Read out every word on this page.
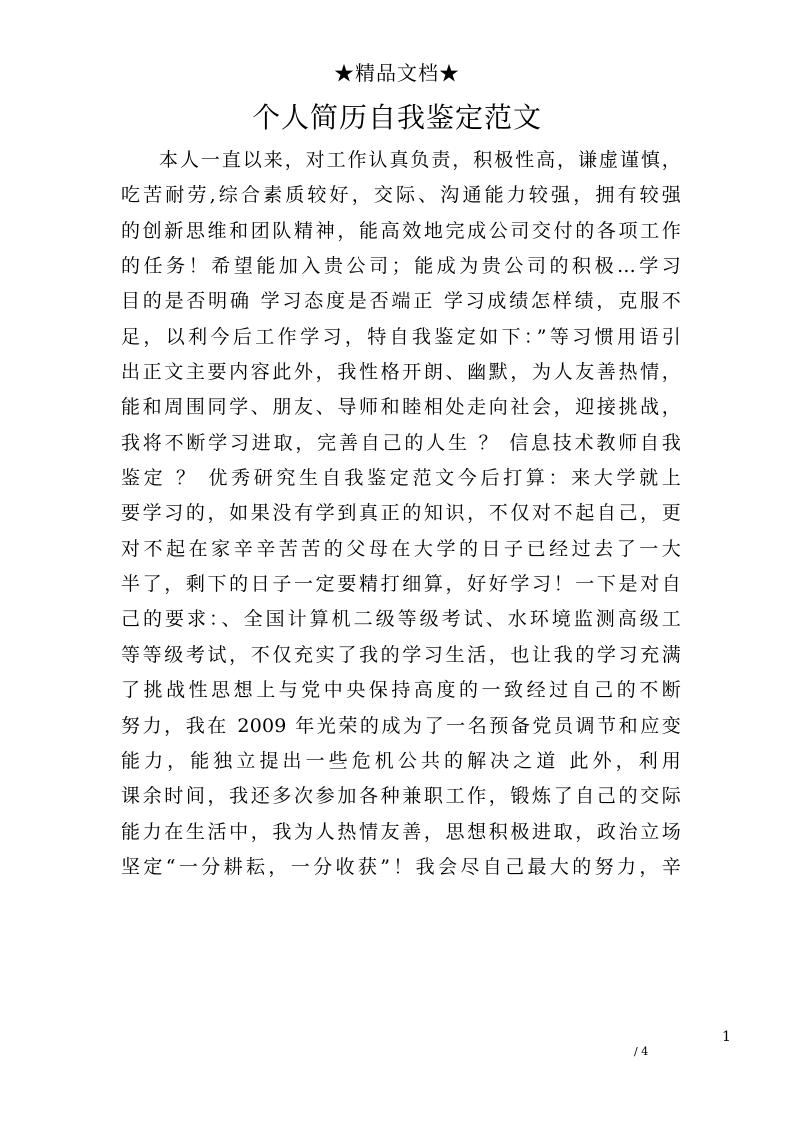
★精品文档★
个人简历自我鉴定范文
本人一直以来，对工作认真负责，积极性高，谦虚谨慎，
吃苦耐劳,综合素质较好，交际、沟通能力较强，拥有较强
的创新思维和团队精神，能高效地完成公司交付的各项工作
的任务！希望能加入贵公司；能成为贵公司的积极...学习
目的是否明确 学习态度是否端正 学习成绩怎样绩，克服不
足，以利今后工作学习，特自我鉴定如下：”等习惯用语引
出正文主要内容此外，我性格开朗、幽默，为人友善热情，
能和周围同学、朋友、导师和睦相处走向社会，迎接挑战，
我将不断学习进取，完善自己的人生 ？ 信息技术教师自我
鉴定 ？ 优秀研究生自我鉴定范文今后打算：来大学就上
要学习的，如果没有学到真正的知识，不仅对不起自己，更
对不起在家辛辛苦苦的父母在大学的日子已经过去了一大
半了，剩下的日子一定要精打细算，好好学习！一下是对自
己的要求：、全国计算机二级等级考试、水环境监测高级工
等等级考试，不仅充实了我的学习生活，也让我的学习充满
了挑战性思想上与党中央保持高度的一致经过自己的不断
努力，我在 2009 年光荣的成为了一名预备党员调节和应变
能力，能独立提出一些危机公共的解决之道 此外，利用
课余时间，我还多次参加各种兼职工作，锻炼了自己的交际
能力在生活中，我为人热情友善，思想积极进取，政治立场
坚定“一分耕耘，一分收获”！我会尽自己最大的努力，辛
1
/ 4
